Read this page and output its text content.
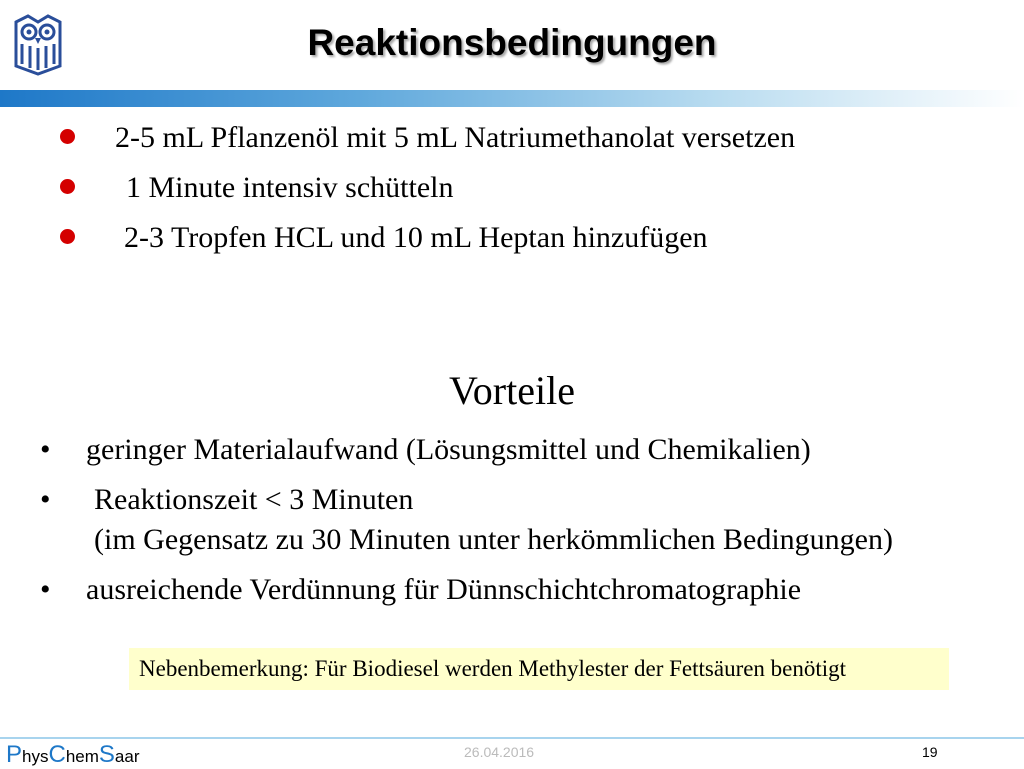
Reaktionsbedingungen
2-5 mL Pflanzenöl mit 5 mL Natriumethanolat versetzen
1 Minute intensiv schütteln
2-3 Tropfen HCL und 10 mL Heptan hinzufügen
Vorteile
• geringer Materialaufwand (Lösungsmittel und Chemikalien)
• Reaktionszeit < 3 Minuten
(im Gegensatz zu 30 Minuten unter herkömmlichen Bedingungen)
• ausreichende Verdünnung für Dünnschichtchromatographie
Nebenbemerkung: Für Biodiesel werden Methylester der Fettsäuren benötigt
PhysChemSaar	26.04.2016	19
